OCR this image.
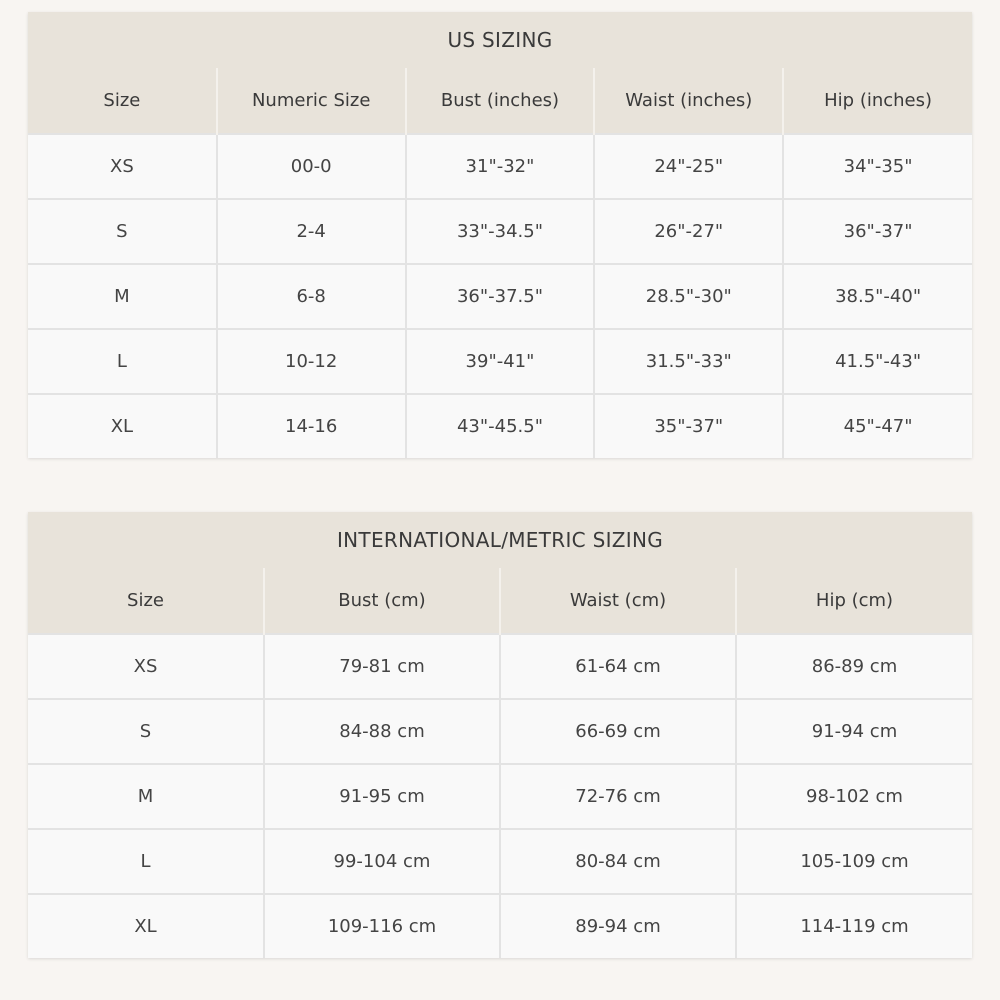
US SIZING				
Size	Numeric Size	Bust (inches)	Waist (inches)	Hip (inches)
XS	00-0	31"-32"	24"-25"	34"-35"
S	2-4	33"-34.5"	26"-27"	36"-37"
M	6-8	36"-37.5"	28.5"-30"	38.5"-40"
L	10-12	39"-41"	31.5"-33"	41.5"-43"
XL	14-16	43"-45.5"	35"-37"	45"-47"
INTERNATIONAL/METRIC SIZING			
Size	Bust (cm)	Waist (cm)	Hip (cm)
XS	79-81 cm	61-64 cm	86-89 cm
S	84-88 cm	66-69 cm	91-94 cm
M	91-95 cm	72-76 cm	98-102 cm
L	99-104 cm	80-84 cm	105-109 cm
XL	109-116 cm	89-94 cm	114-119 cm
